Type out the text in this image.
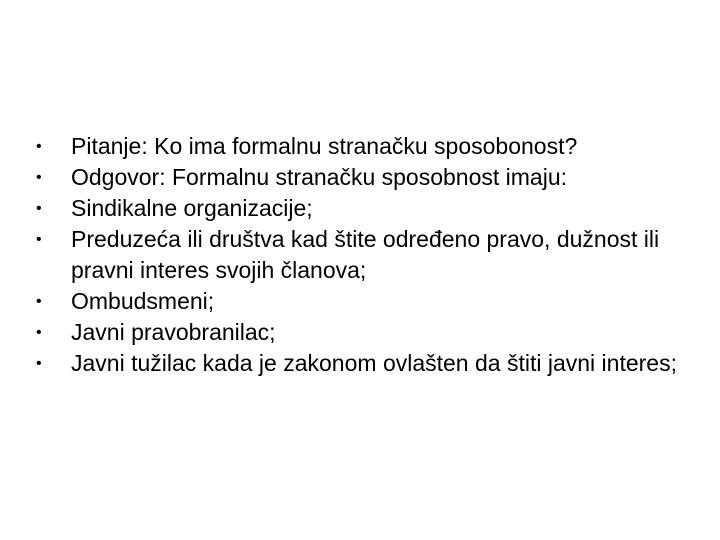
• Pitanje: Ko ima formalnu stranačku sposobonost?
• Odgovor: Formalnu stranačku sposobnost imaju:
• Sindikalne organizacije;
• Preduzeća ili društva kad štite određeno pravo, dužnost ili pravni interes svojih članova;
• Ombudsmeni;
• Javni pravobranilac;
• Javni tužilac kada je zakonom ovlašten da štiti javni interes;
